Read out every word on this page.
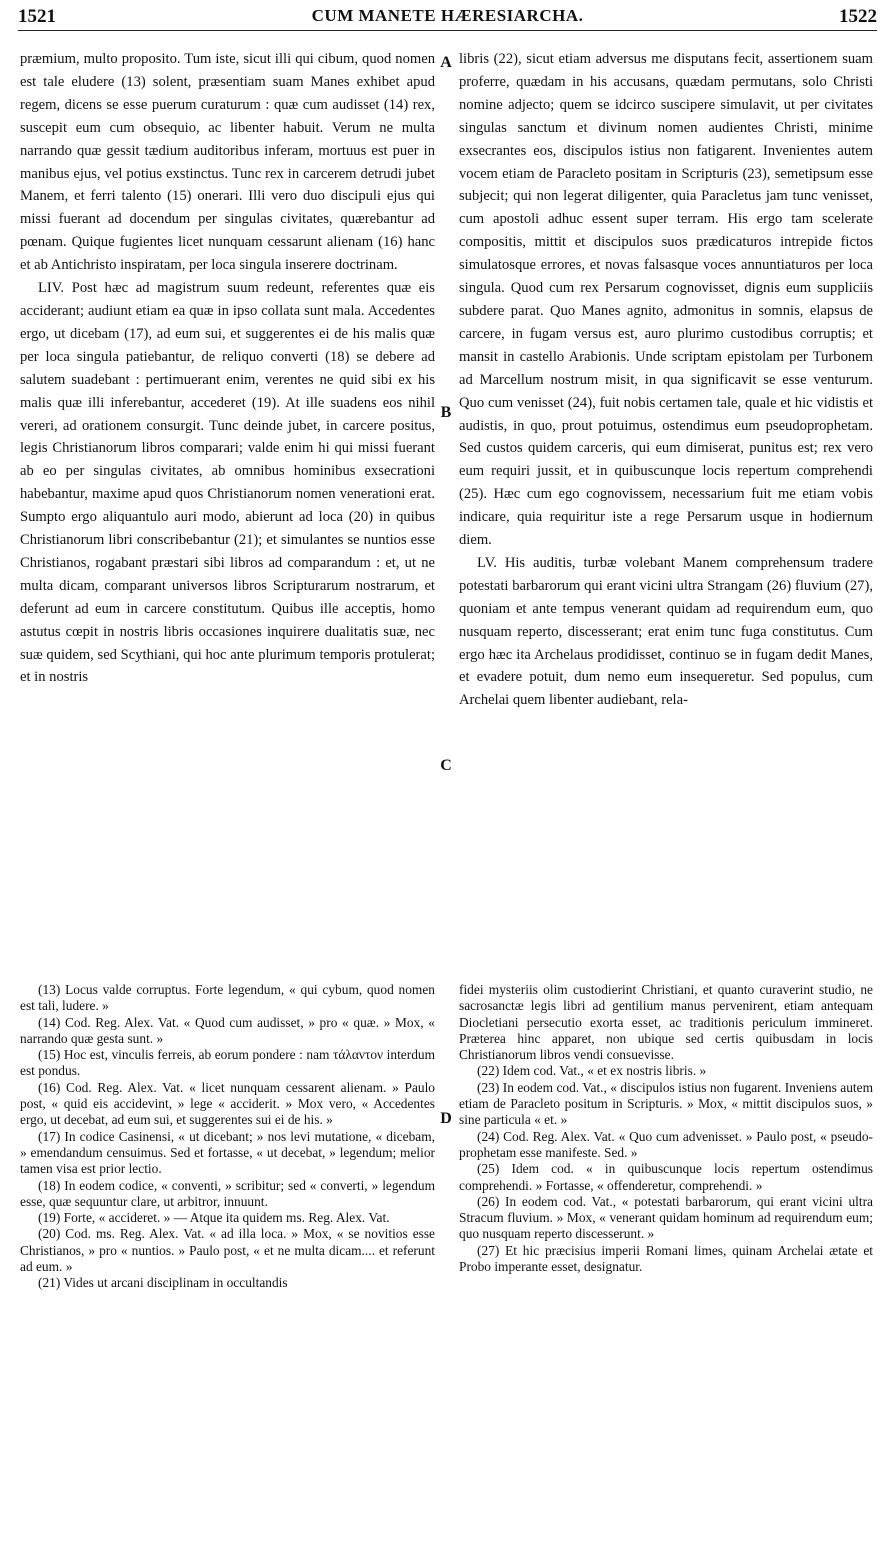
1521	CUM MANETE HÆRESIARCHA.	1522

præmium, multo proposito. Tum iste, sicut illi qui cibum, quod nomen est tale eludere (13) solent, præsentiam suam Manes exhibet apud regem, dicens se esse puerum curaturum : quæ cum audisset (14) rex, suscepit eum cum obsequio, ac libenter habuit. Verum ne multa narrando quæ gessit tædium auditoribus inferam, mortuus est puer in manibus ejus, vel potius exstinctus. Tunc rex in carcerem detrudi jubet Manem, et ferri talento (15) onerari. Illi vero duo discipuli ejus qui missi fuerant ad docendum per singulas civitates, quærebantur ad pœnam. Quique fugientes licet nunquam cessarunt alienam (16) hanc et ab Antichristo inspiratam, per loca singula inserere doctrinam.

LIV. Post hæc ad magistrum suum redeunt, referentes quæ eis acciderant; audiunt etiam ea quæ in ipso collata sunt mala. Accedentes ergo, ut dicebam (17), ad eum sui, et suggerentes ei de his malis quæ per loca singula patiebantur, de reliquo converti (18) se debere ad salutem suadebant : pertimuerant enim, verentes ne quid sibi ex his malis quæ illi inferebantur, accederet (19). At ille suadens eos nihil vereri, ad orationem consurgit. Tunc deinde jubet, in carcere positus, legis Christianorum libros comparari; valde enim hi qui missi fuerant ab eo per singulas civitates, ab omnibus hominibus exsecrationi habebantur, maxime apud quos Christianorum nomen venerationi erat. Sumpto ergo aliquantulo auri modo, abierunt ad loca (20) in quibus Christianorum libri conscribebantur (21); et simulantes se nuntios esse Christianos, rogabant præstari sibi libros ad comparandum : et, ut ne multa dicam, comparant universos libros Scripturarum nostrarum, et deferunt ad eum in carcere constitutum. Quibus ille acceptis, homo astutus cœpit in nostris libris occasiones inquirere dualitatis suæ, nec suæ quidem, sed Scythiani, qui hoc ante plurimum temporis protulerat; et in nostris

A
B
C
D

libris (22), sicut etiam adversus me disputans fecit, assertionem suam proferre, quædam in his accusans, quædam permutans, solo Christi nomine adjecto; quem se idcirco suscipere simulavit, ut per civitates singulas sanctum et divinum nomen audientes Christi, minime exsecrantes eos, discipulos istius non fatigarent. Invenientes autem vocem etiam de Paracleto positam in Scripturis (23), semetipsum esse subjecit; qui non legerat diligenter, quia Paracletus jam tunc venisset, cum apostoli adhuc essent super terram. His ergo tam scelerate compositis, mittit et discipulos suos prædicaturos intrepide fictos simulatosque errores, et novas falsasque voces annuntiaturos per loca singula. Quod cum rex Persarum cognovisset, dignis eum suppliciis subdere parat. Quo Manes agnito, admonitus in somnis, elapsus de carcere, in fugam versus est, auro plurimo custodibus corruptis; et mansit in castello Arabionis. Unde scriptam epistolam per Turbonem ad Marcellum nostrum misit, in qua significavit se esse venturum. Quo cum venisset (24), fuit nobis certamen tale, quale et hic vidistis et audistis, in quo, prout potuimus, ostendimus eum pseudoprophetam. Sed custos quidem carceris, qui eum dimiserat, punitus est; rex vero eum requiri jussit, et in quibuscunque locis repertum comprehendi (25). Hæc cum ego cognovissem, necessarium fuit me etiam vobis indicare, quia requiritur iste a rege Persarum usque in hodiernum diem.

LV. His auditis, turbæ volebant Manem comprehensum tradere potestati barbarorum qui erant vicini ultra Strangam (26) fluvium (27), quoniam et ante tempus venerant quidam ad requirendum eum, quo nusquam reperto, discesserant; erat enim tunc fuga constitutus. Cum ergo hæc ita Archelaus prodidisset, continuo se in fugam dedit Manes, et evadere potuit, dum nemo eum insequeretur. Sed populus, cum Archelai quem libenter audiebant, rela-

(13) Locus valde corruptus. Forte legendum, « qui cybum, quod nomen est tali, ludere. »

(14) Cod. Reg. Alex. Vat. « Quod cum audisset, » pro « quæ. » Mox, « narrando quæ gesta sunt. »

(15) Hoc est, vinculis ferreis, ab eorum pondere : nam τάλαντον interdum est pondus.

(16) Cod. Reg. Alex. Vat. « licet nunquam cessarent alienam. » Paulo post, « quid eis accidevint, » lege « acciderit. » Mox vero, « Accedentes ergo, ut decebat, ad eum sui, et suggerentes sui ei de his. »

(17) In codice Casinensi, « ut dicebant; » nos levi mutatione, « dicebam, » emendandum censuimus. Sed et fortasse, « ut decebat, » legendum; melior tamen visa est prior lectio.

(18) In eodem codice, « conventi, » scribitur; sed « converti, » legendum esse, quæ sequuntur clare, ut arbitror, innuunt.

(19) Forte, « accideret. » — Atque ita quidem ms. Reg. Alex. Vat.

(20) Cod. ms. Reg. Alex. Vat. « ad illa loca. » Mox, « se novitios esse Christianos, » pro « nuntios. » Paulo post, « et ne multa dicam.... et referunt ad eum. »

(21) Vides ut arcani disciplinam in occultandis

fidei mysteriis olim custodierint Christiani, et quanto curaverint studio, ne sacrosanctæ legis libri ad gentilium manus pervenirent, etiam antequam Diocletiani persecutio exorta esset, ac traditionis periculum immineret. Præterea hinc apparet, non ubique sed certis quibusdam in locis Christianorum libros vendi consuevisse.

(22) Idem cod. Vat., « et ex nostris libris. »

(23) In eodem cod. Vat., « discipulos istius non fugarent. Inveniens autem etiam de Paracleto positum in Scripturis. » Mox, « mittit discipulos suos, » sine particula « et. »

(24) Cod. Reg. Alex. Vat. « Quo cum advenisset. » Paulo post, « pseudo-prophetam esse manifeste. Sed. »

(25) Idem cod. « in quibuscunque locis repertum ostendimus comprehendi. » Fortasse, « offenderetur, comprehendi. »

(26) In eodem cod. Vat., « potestati barbarorum, qui erant vicini ultra Stracum fluvium. » Mox, « venerant quidam hominum ad requirendum eum; quo nusquam reperto discesserunt. »

(27) Et hic præcisius imperii Romani limes, quinam Archelai ætate et Probo imperante esset, designatur.
